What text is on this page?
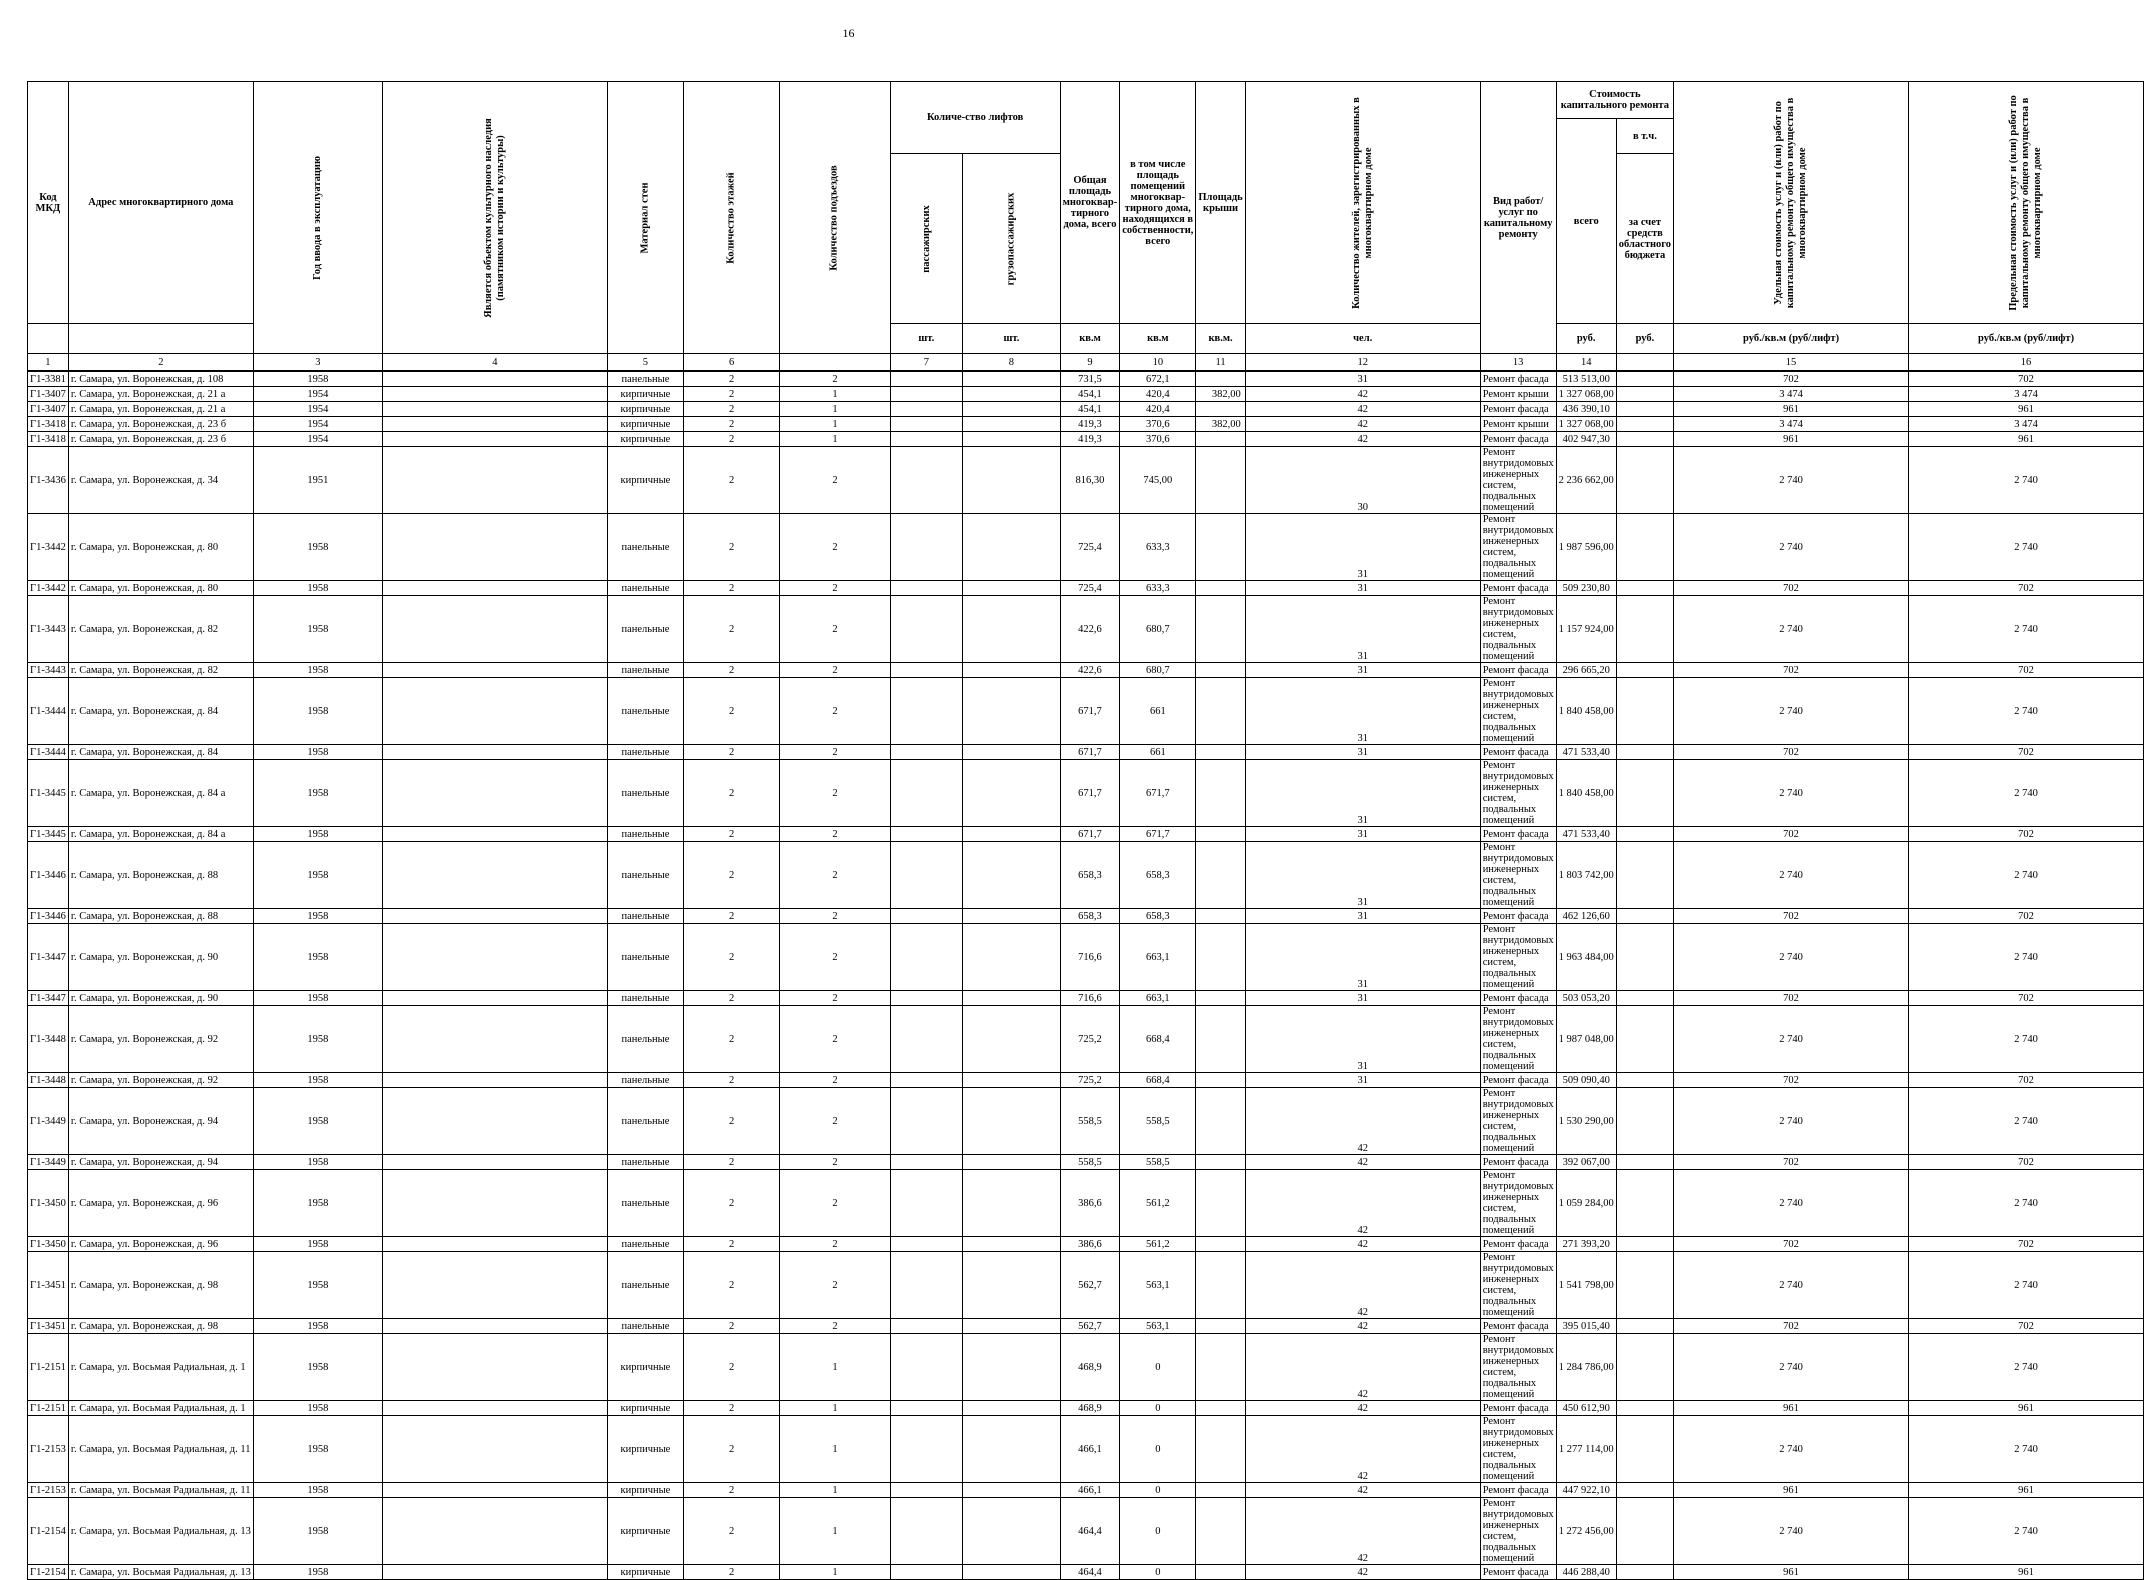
16
Код МКД	Адрес многоквартирного дома	Год ввода в эксплуатацию	Является объектом культурного наследия (памятником истории и культуры)	Материал стен	Количество этажей	Количество подъездов	Количе-ство лифтов		Общая площадь многоквар-тирного дома, всего	в том числе площадь помещений многоквар-тирного дома, находящихся в собственности, всего	Площадь крыши	Количество жителей, зарегистрированных в многоквартирном доме	Вид работ/услуг по капитальному ремонту	Стоимость капитального ремонта		Удельная стоимость услуг и (или) работ по капитальному ремонту общего имущества в многоквартирном доме	Предельная стоимость услуг и (или) работ по капитальному ремонту общего имущества в многоквартирном доме
														всего	в т.ч.		
							пассажирских	грузопассажирских							за счет средств областного бюджета		
							шт.	шт.	кв.м	кв.м	кв.м.	чел.		руб.	руб.	руб./кв.м (руб/лифт)	руб./кв.м (руб/лифт)
1	2	3	4	5	6		7	8	9	10	11	12	13	14		15	16
Г1-3381	г. Самара, ул. Воронежская, д. 108	1958		панельные	2	2			731,5	672,1		31	Ремонт фасада	513 513,00		702	702
Г1-3407	г. Самара, ул. Воронежская, д. 21 а	1954		кирпичные	2	1			454,1	420,4	382,00	42	Ремонт крыши	1 327 068,00		3 474	3 474
Г1-3407	г. Самара, ул. Воронежская, д. 21 а	1954		кирпичные	2	1			454,1	420,4		42	Ремонт фасада	436 390,10		961	961
Г1-3418	г. Самара, ул. Воронежская, д. 23 б	1954		кирпичные	2	1			419,3	370,6	382,00	42	Ремонт крыши	1 327 068,00		3 474	3 474
Г1-3418	г. Самара, ул. Воронежская, д. 23 б	1954		кирпичные	2	1			419,3	370,6		42	Ремонт фасада	402 947,30		961	961
Г1-3436	г. Самара, ул. Воронежская, д. 34	1951		кирпичные	2	2			816,30	745,00		30	Ремонт внутридомовых инженерных систем, подвальных помещений	2 236 662,00		2 740	2 740
Г1-3442	г. Самара, ул. Воронежская, д. 80	1958		панельные	2	2			725,4	633,3		31	Ремонт внутридомовых инженерных систем, подвальных помещений	1 987 596,00		2 740	2 740
Г1-3442	г. Самара, ул. Воронежская, д. 80	1958		панельные	2	2			725,4	633,3		31	Ремонт фасада	509 230,80		702	702
Г1-3443	г. Самара, ул. Воронежская, д. 82	1958		панельные	2	2			422,6	680,7		31	Ремонт внутридомовых инженерных систем, подвальных помещений	1 157 924,00		2 740	2 740
Г1-3443	г. Самара, ул. Воронежская, д. 82	1958		панельные	2	2			422,6	680,7		31	Ремонт фасада	296 665,20		702	702
Г1-3444	г. Самара, ул. Воронежская, д. 84	1958		панельные	2	2			671,7	661		31	Ремонт внутридомовых инженерных систем, подвальных помещений	1 840 458,00		2 740	2 740
Г1-3444	г. Самара, ул. Воронежская, д. 84	1958		панельные	2	2			671,7	661		31	Ремонт фасада	471 533,40		702	702
Г1-3445	г. Самара, ул. Воронежская, д. 84 а	1958		панельные	2	2			671,7	671,7		31	Ремонт внутридомовых инженерных систем, подвальных помещений	1 840 458,00		2 740	2 740
Г1-3445	г. Самара, ул. Воронежская, д. 84 а	1958		панельные	2	2			671,7	671,7		31	Ремонт фасада	471 533,40		702	702
Г1-3446	г. Самара, ул. Воронежская, д. 88	1958		панельные	2	2			658,3	658,3		31	Ремонт внутридомовых инженерных систем, подвальных помещений	1 803 742,00		2 740	2 740
Г1-3446	г. Самара, ул. Воронежская, д. 88	1958		панельные	2	2			658,3	658,3		31	Ремонт фасада	462 126,60		702	702
Г1-3447	г. Самара, ул. Воронежская, д. 90	1958		панельные	2	2			716,6	663,1		31	Ремонт внутридомовых инженерных систем, подвальных помещений	1 963 484,00		2 740	2 740
Г1-3447	г. Самара, ул. Воронежская, д. 90	1958		панельные	2	2			716,6	663,1		31	Ремонт фасада	503 053,20		702	702
Г1-3448	г. Самара, ул. Воронежская, д. 92	1958		панельные	2	2			725,2	668,4		31	Ремонт внутридомовых инженерных систем, подвальных помещений	1 987 048,00		2 740	2 740
Г1-3448	г. Самара, ул. Воронежская, д. 92	1958		панельные	2	2			725,2	668,4		31	Ремонт фасада	509 090,40		702	702
Г1-3449	г. Самара, ул. Воронежская, д. 94	1958		панельные	2	2			558,5	558,5		42	Ремонт внутридомовых инженерных систем, подвальных помещений	1 530 290,00		2 740	2 740
Г1-3449	г. Самара, ул. Воронежская, д. 94	1958		панельные	2	2			558,5	558,5		42	Ремонт фасада	392 067,00		702	702
Г1-3450	г. Самара, ул. Воронежская, д. 96	1958		панельные	2	2			386,6	561,2		42	Ремонт внутридомовых инженерных систем, подвальных помещений	1 059 284,00		2 740	2 740
Г1-3450	г. Самара, ул. Воронежская, д. 96	1958		панельные	2	2			386,6	561,2		42	Ремонт фасада	271 393,20		702	702
Г1-3451	г. Самара, ул. Воронежская, д. 98	1958		панельные	2	2			562,7	563,1		42	Ремонт внутридомовых инженерных систем, подвальных помещений	1 541 798,00		2 740	2 740
Г1-3451	г. Самара, ул. Воронежская, д. 98	1958		панельные	2	2			562,7	563,1		42	Ремонт фасада	395 015,40		702	702
Г1-2151	г. Самара, ул. Восьмая Радиальная, д. 1	1958		кирпичные	2	1			468,9	0		42	Ремонт внутридомовых инженерных систем, подвальных помещений	1 284 786,00		2 740	2 740
Г1-2151	г. Самара, ул. Восьмая Радиальная, д. 1	1958		кирпичные	2	1			468,9	0		42	Ремонт фасада	450 612,90		961	961
Г1-2153	г. Самара, ул. Восьмая Радиальная, д. 11	1958		кирпичные	2	1			466,1	0		42	Ремонт внутридомовых инженерных систем, подвальных помещений	1 277 114,00		2 740	2 740
Г1-2153	г. Самара, ул. Восьмая Радиальная, д. 11	1958		кирпичные	2	1			466,1	0		42	Ремонт фасада	447 922,10		961	961
Г1-2154	г. Самара, ул. Восьмая Радиальная, д. 13	1958		кирпичные	2	1			464,4	0		42	Ремонт внутридомовых инженерных систем, подвальных помещений	1 272 456,00		2 740	2 740
Г1-2154	г. Самара, ул. Восьмая Радиальная, д. 13	1958		кирпичные	2	1			464,4	0		42	Ремонт фасада	446 288,40		961	961
